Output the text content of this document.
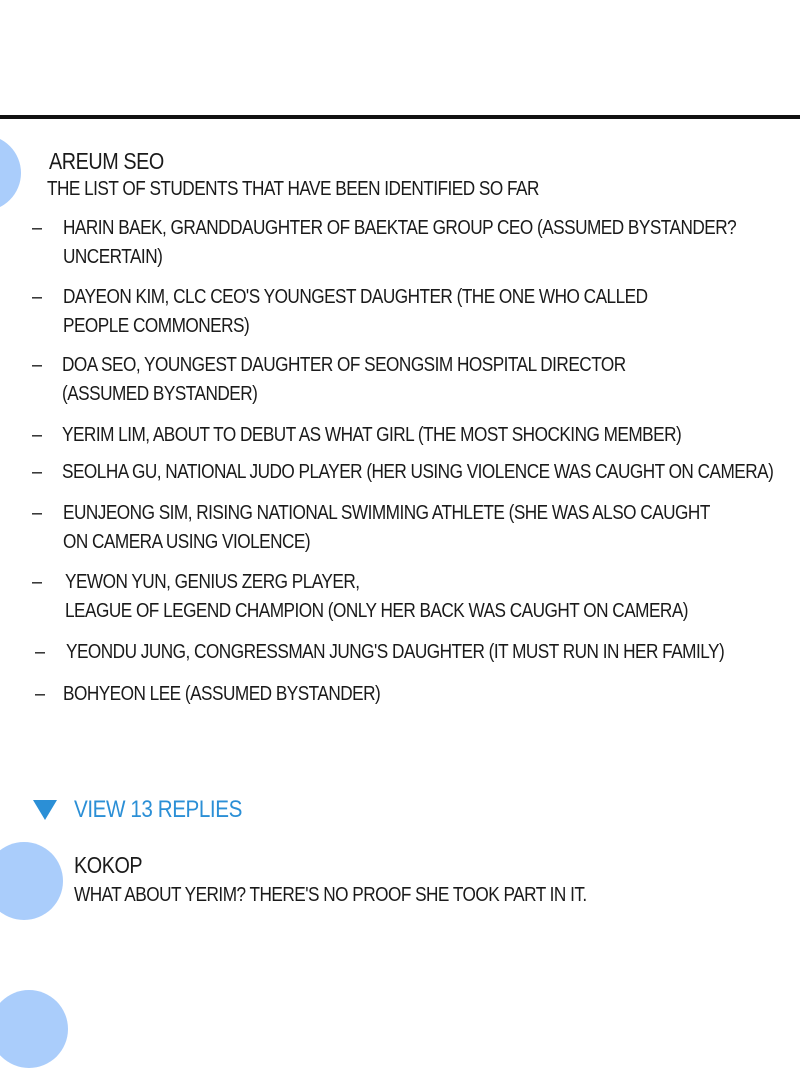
AREUM SEO
THE LIST OF STUDENTS THAT HAVE BEEN IDENTIFIED SO FAR
– HARIN BAEK, GRANDDAUGHTER OF BAEKTAE GROUP CEO (ASSUMED BYSTANDER?
UNCERTAIN)
– DAYEON KIM, CLC CEO'S YOUNGEST DAUGHTER (THE ONE WHO CALLED
PEOPLE COMMONERS)
– DOA SEO, YOUNGEST DAUGHTER OF SEONGSIM HOSPITAL DIRECTOR
(ASSUMED BYSTANDER)
– YERIM LIM, ABOUT TO DEBUT AS WHAT GIRL (THE MOST SHOCKING MEMBER)
– SEOLHA GU, NATIONAL JUDO PLAYER (HER USING VIOLENCE WAS CAUGHT ON CAMERA)
– EUNJEONG SIM, RISING NATIONAL SWIMMING ATHLETE (SHE WAS ALSO CAUGHT
ON CAMERA USING VIOLENCE)
– YEWON YUN, GENIUS ZERG PLAYER,
LEAGUE OF LEGEND CHAMPION (ONLY HER BACK WAS CAUGHT ON CAMERA)
– YEONDU JUNG, CONGRESSMAN JUNG'S DAUGHTER (IT MUST RUN IN HER FAMILY)
– BOHYEON LEE (ASSUMED BYSTANDER)
VIEW 13 REPLIES
KOKOP
WHAT ABOUT YERIM? THERE'S NO PROOF SHE TOOK PART IN IT.
